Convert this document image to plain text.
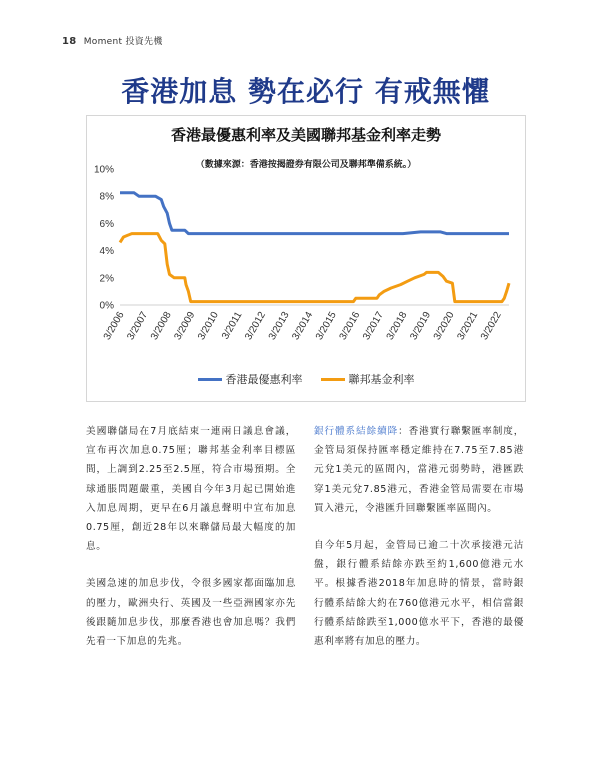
18 Moment 投資先機
香港加息 勢在必行 有戒無懼
香港最優惠利率及美國聯邦基金利率走勢
（數據來源：香港按揭證券有限公司及聯邦準備系統。）
10%
8%
6%
4%
2%
0%
3/2006
3/2007
3/2008
3/2009
3/2010 3/2011
3/2012
3/2013
3/2014
3/2015
3/2016
3/2017
3/2018
3/2019
3/2020
3/2021
3/2022
香港最優惠利率	聯邦基金利率

美國聯儲局在7月底結束一連兩日議息會議，宣布再次加息0.75厘；聯邦基金利率目標區間，上調到2.25至2.5厘，符合市場預期。全球通脹問題嚴重，美國自今年3月起已開始進入加息周期，更早在6月議息聲明中宣布加息0.75厘，創近28年以來聯儲局最大幅度的加息。

美國急速的加息步伐，令很多國家都面臨加息的壓力，歐洲央行、英國及一些亞洲國家亦先後跟隨加息步伐，那麼香港也會加息嗎？我們先看一下加息的先兆。

銀行體系結餘續降：香港實行聯繫匯率制度，金管局須保持匯率穩定維持在7.75至7.85港元兌1美元的區間內，當港元弱勢時，港匯跌穿1美元兌7.85港元，香港金管局需要在市場買入港元，令港匯升回聯繫匯率區間內。

自今年5月起，金管局已逾二十次承接港元沽盤，銀行體系結餘亦跌至約1,600億港元水平。根據香港2018年加息時的情景，當時銀行體系結餘大約在760億港元水平，相信當銀行體系結餘跌至1,000億水平下，香港的最優惠利率將有加息的壓力。
